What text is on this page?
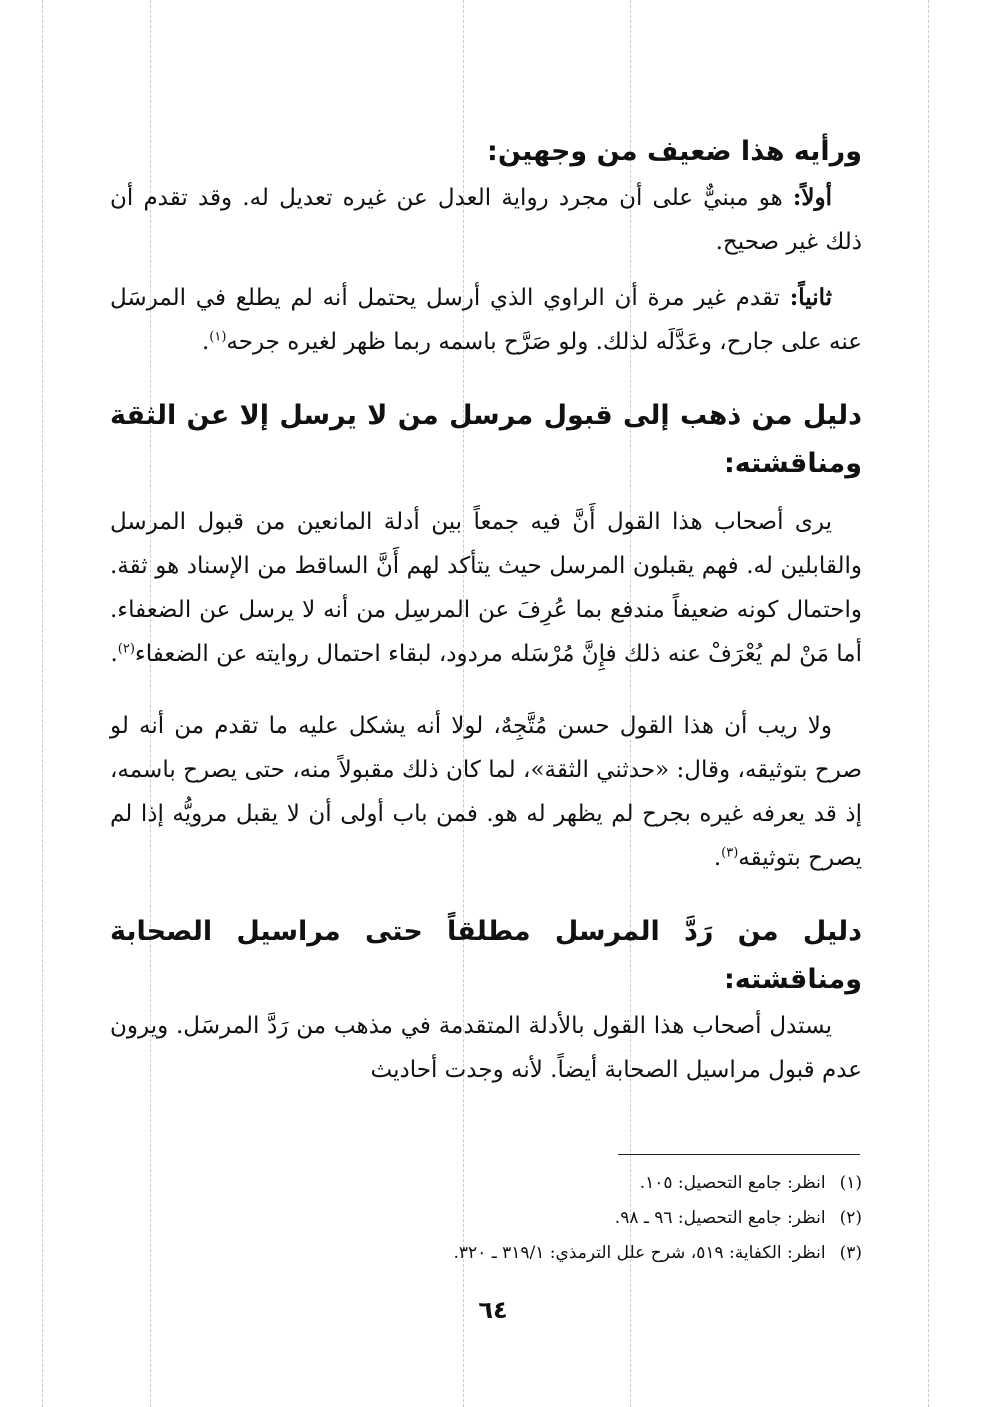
ورأيه هذا ضعيف من وجهين:

أولاً: هو مبنيٌّ على أن مجرد رواية العدل عن غيره تعديل له. وقد تقدم أن ذلك غير صحيح.

ثانياً: تقدم غير مرة أن الراوي الذي أرسل يحتمل أنه لم يطلع في المرسَل عنه على جارح، وعَدَّلَه لذلك. ولو صَرَّح باسمه ربما ظهر لغيره جرحه$^{(١)}$.

دليل من ذهب إلى قبول مرسل من لا يرسل إلا عن الثقة ومناقشته:

يرى أصحاب هذا القول أَنَّ فيه جمعاً بين أدلة المانعين من قبول المرسل والقابلين له. فهم يقبلون المرسل حيث يتأكد لهم أَنَّ الساقط من الإسناد هو ثقة. واحتمال كونه ضعيفاً مندفع بما عُرِفَ عن المرسِل من أنه لا يرسل عن الضعفاء. أما مَنْ لم يُعْرَفْ عنه ذلك فإِنَّ مُرْسَله مردود، لبقاء احتمال روايته عن الضعفاء$^{(٢)}$.

ولا ريب أن هذا القول حسن مُتَّجِهٌ، لولا أنه يشكل عليه ما تقدم من أنه لو صرح بتوثيقه، وقال: «حدثني الثقة»، لما كان ذلك مقبولاً منه، حتى يصرح باسمه، إذ قد يعرفه غيره بجرح لم يظهر له هو. فمن باب أولى أن لا يقبل مرويُّه إذا لم يصرح بتوثيقه$^{(٣)}$.

دليل من رَدَّ المرسل مطلقاً حتى مراسيل الصحابة ومناقشته:

يستدل أصحاب هذا القول بالأدلة المتقدمة في مذهب من رَدَّ المرسَل. ويرون عدم قبول مراسيل الصحابة أيضاً. لأنه وجدت أحاديث

(١)انظر: جامع التحصيل: ١٠٥.

(٢)انظر: جامع التحصيل: ٩٦ ـ ٩٨.

(٣)انظر: الكفاية: ٥١٩، شرح علل الترمذي: ٣١٩/١ ـ ٣٢٠.

٦٤
